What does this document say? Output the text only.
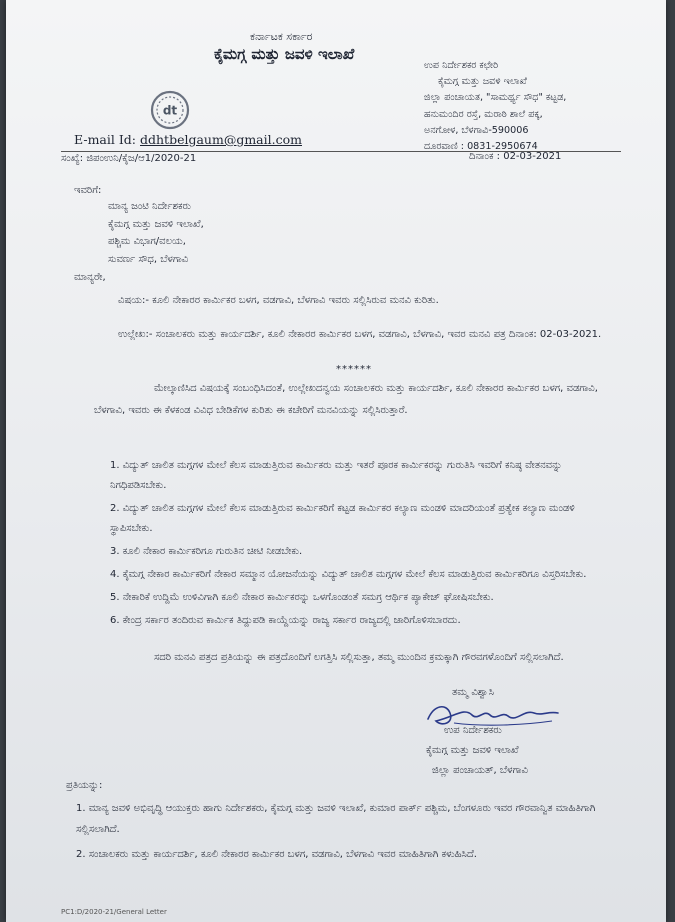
ಕರ್ನಾಟಕ ಸರ್ಕಾರ
ಕೈಮಗ್ಗ ಮತ್ತು ಜವಳಿ ಇಲಾಖೆ
dt
E-mail Id: ddhtbelgaum@gmail.com
ಉಪ ನಿರ್ದೇಶಕರ ಕಛೇರಿ
ಕೈಮಗ್ಗ ಮತ್ತು ಜವಳಿ ಇಲಾಖೆ
ಜಿಲ್ಲಾ ಪಂಚಾಯತ, "ಸಾಮರ್ಥ್ಯ ಸೌಧ" ಕಟ್ಟಡ,
ಹನುಮಂದಿರ ರಸ್ತೆ, ಮರಾಠಿ ಶಾಲೆ ಪಕ್ಕ,
ಅನಗೋಳ, ಬೆಳಗಾವಿ-590006
ದೂರವಾಣಿ : 0831-2950674
ಸಂಖ್ಯೆ: ಜಿಪಂಉನಿ/ಕೈಜ/ಆ1/2020-21	ದಿನಾಂಕ : 02-03-2021
ಇವರಿಗೆ:
ಮಾನ್ಯ ಜಂಟಿ ನಿರ್ದೇಶಕರು
ಕೈಮಗ್ಗ ಮತ್ತು ಜವಳಿ ಇಲಾಖೆ,
ಪಶ್ಚಿಮ ವಿಭಾಗ/ವಲಯ,
ಸುವರ್ಣ ಸೌಧ, ಬೆಳಗಾವಿ
ಮಾನ್ಯರೇ,
ವಿಷಯ:- ಕೂಲಿ ನೇಕಾರರ ಕಾರ್ಮಿಕರ ಬಳಗ, ವಡಗಾವಿ, ಬೆಳಗಾವಿ ಇವರು ಸಲ್ಲಿಸಿರುವ ಮನವಿ ಕುರಿತು.
ಉಲ್ಲೇಖ:- ಸಂಚಾಲಕರು ಮತ್ತು ಕಾರ್ಯದರ್ಶಿ, ಕೂಲಿ ನೇಕಾರರ ಕಾರ್ಮಿಕರ ಬಳಗ, ವಡಗಾವಿ, ಬೆಳಗಾವಿ, ಇವರ ಮನವಿ ಪತ್ರ ದಿನಾಂಕ: 02-03-2021.
******
ಮೇಲ್ಕಾಣಿಸಿದ ವಿಷಯಕ್ಕೆ ಸಂಬಂಧಿಸಿದಂತೆ, ಉಲ್ಲೇಖದನ್ವಯ ಸಂಚಾಲಕರು ಮತ್ತು ಕಾರ್ಯದರ್ಶಿ, ಕೂಲಿ ನೇಕಾರರ ಕಾರ್ಮಿಕರ ಬಳಗ, ವಡಗಾವಿ, ಬೆಳಗಾವಿ, ಇವರು ಈ ಕೆಳಕಂಡ ವಿವಿಧ ಬೇಡಿಕೆಗಳ ಕುರಿತು ಈ ಕಚೇರಿಗೆ ಮನವಿಯನ್ನು ಸಲ್ಲಿಸಿರುತ್ತಾರೆ.
1. ವಿದ್ಯುತ್ ಚಾಲಿತ ಮಗ್ಗಗಳ ಮೇಲೆ ಕೆಲಸ ಮಾಡುತ್ತಿರುವ ಕಾರ್ಮಿಕರು ಮತ್ತು ಇತರೆ ಪೂರಕ ಕಾರ್ಮಿಕರನ್ನು ಗುರುತಿಸಿ ಇವರಿಗೆ ಕನಿಷ್ಠ ವೇತನವನ್ನು ನಿಗಧಿಪಡಿಸಬೇಕು.
2. ವಿದ್ಯುತ್ ಚಾಲಿತ ಮಗ್ಗಗಳ ಮೇಲೆ ಕೆಲಸ ಮಾಡುತ್ತಿರುವ ಕಾರ್ಮಿಕರಿಗೆ ಕಟ್ಟಡ ಕಾರ್ಮಿಕರ ಕಲ್ಯಾಣ ಮಂಡಳಿ ಮಾದರಿಯಂತೆ ಪ್ರತ್ಯೇಕ ಕಲ್ಯಾಣ ಮಂಡಳಿ ಸ್ಥಾಪಿಸಬೇಕು.
3. ಕೂಲಿ ನೇಕಾರ ಕಾರ್ಮಿಕರಿಗೂ ಗುರುತಿನ ಚೀಟಿ ನೀಡಬೇಕು.
4. ಕೈಮಗ್ಗ ನೇಕಾರ ಕಾರ್ಮಿಕರಿಗೆ ನೇಕಾರ ಸಮ್ಮಾನ ಯೋಜನೆಯನ್ನು ವಿದ್ಯುತ್ ಚಾಲಿತ ಮಗ್ಗಗಳ ಮೇಲೆ ಕೆಲಸ ಮಾಡುತ್ತಿರುವ ಕಾರ್ಮಿಕರಿಗೂ ವಿಸ್ತರಿಸಬೇಕು.
5. ನೇಕಾರಿಕೆ ಉದ್ದಿಮೆ ಉಳಿವಿಗಾಗಿ ಕೂಲಿ ನೇಕಾರ ಕಾರ್ಮಿಕರನ್ನು ಒಳಗೊಂಡಂತೆ ಸಮಗ್ರ ಆರ್ಥಿಕ ಪ್ಯಾಕೇಜ್ ಘೋಷಿಸಬೇಕು.
6. ಕೇಂದ್ರ ಸರ್ಕಾರ ತಂದಿರುವ ಕಾರ್ಮಿಕ ತಿದ್ದುಪಡಿ ಕಾಯ್ದೆಯನ್ನು ರಾಜ್ಯ ಸರ್ಕಾರ ರಾಜ್ಯದಲ್ಲಿ ಜಾರಿಗೊಳಿಸಬಾರದು.
ಸದರಿ ಮನವಿ ಪತ್ರದ ಪ್ರತಿಯನ್ನು ಈ ಪತ್ರದೊಂದಿಗೆ ಲಗತ್ತಿಸಿ ಸಲ್ಲಿಸುತ್ತಾ, ತಮ್ಮ ಮುಂದಿನ ಕ್ರಮಕ್ಕಾಗಿ ಗೌರವಗಳೊಂದಿಗೆ ಸಲ್ಲಿಸಲಾಗಿದೆ.
ತಮ್ಮ ವಿಶ್ವಾಸಿ
ಉಪ ನಿರ್ದೇಶಕರು
ಕೈಮಗ್ಗ ಮತ್ತು ಜವಳಿ ಇಲಾಖೆ
ಜಿಲ್ಲಾ ಪಂಚಾಯತ್, ಬೆಳಗಾವಿ
ಪ್ರತಿಯನ್ನು:
1. ಮಾನ್ಯ ಜವಳಿ ಅಭಿವೃದ್ಧಿ ಆಯುಕ್ತರು ಹಾಗು ನಿರ್ದೇಶಕರು, ಕೈಮಗ್ಗ ಮತ್ತು ಜವಳಿ ಇಲಾಖೆ, ಕುಮಾರ ಪಾರ್ಕ್ ಪಶ್ಚಿಮ, ಬೆಂಗಳೂರು ಇವರ ಗೌರವಾನ್ವಿತ ಮಾಹಿತಿಗಾಗಿ ಸಲ್ಲಿಸಲಾಗಿದೆ.
2. ಸಂಚಾಲಕರು ಮತ್ತು ಕಾರ್ಯದರ್ಶಿ, ಕೂಲಿ ನೇಕಾರರ ಕಾರ್ಮಿಕರ ಬಳಗ, ವಡಗಾವಿ, ಬೆಳಗಾವಿ ಇವರ ಮಾಹಿತಿಗಾಗಿ ಕಳುಹಿಸಿದೆ.
PC1:D/2020-21/General Letter
